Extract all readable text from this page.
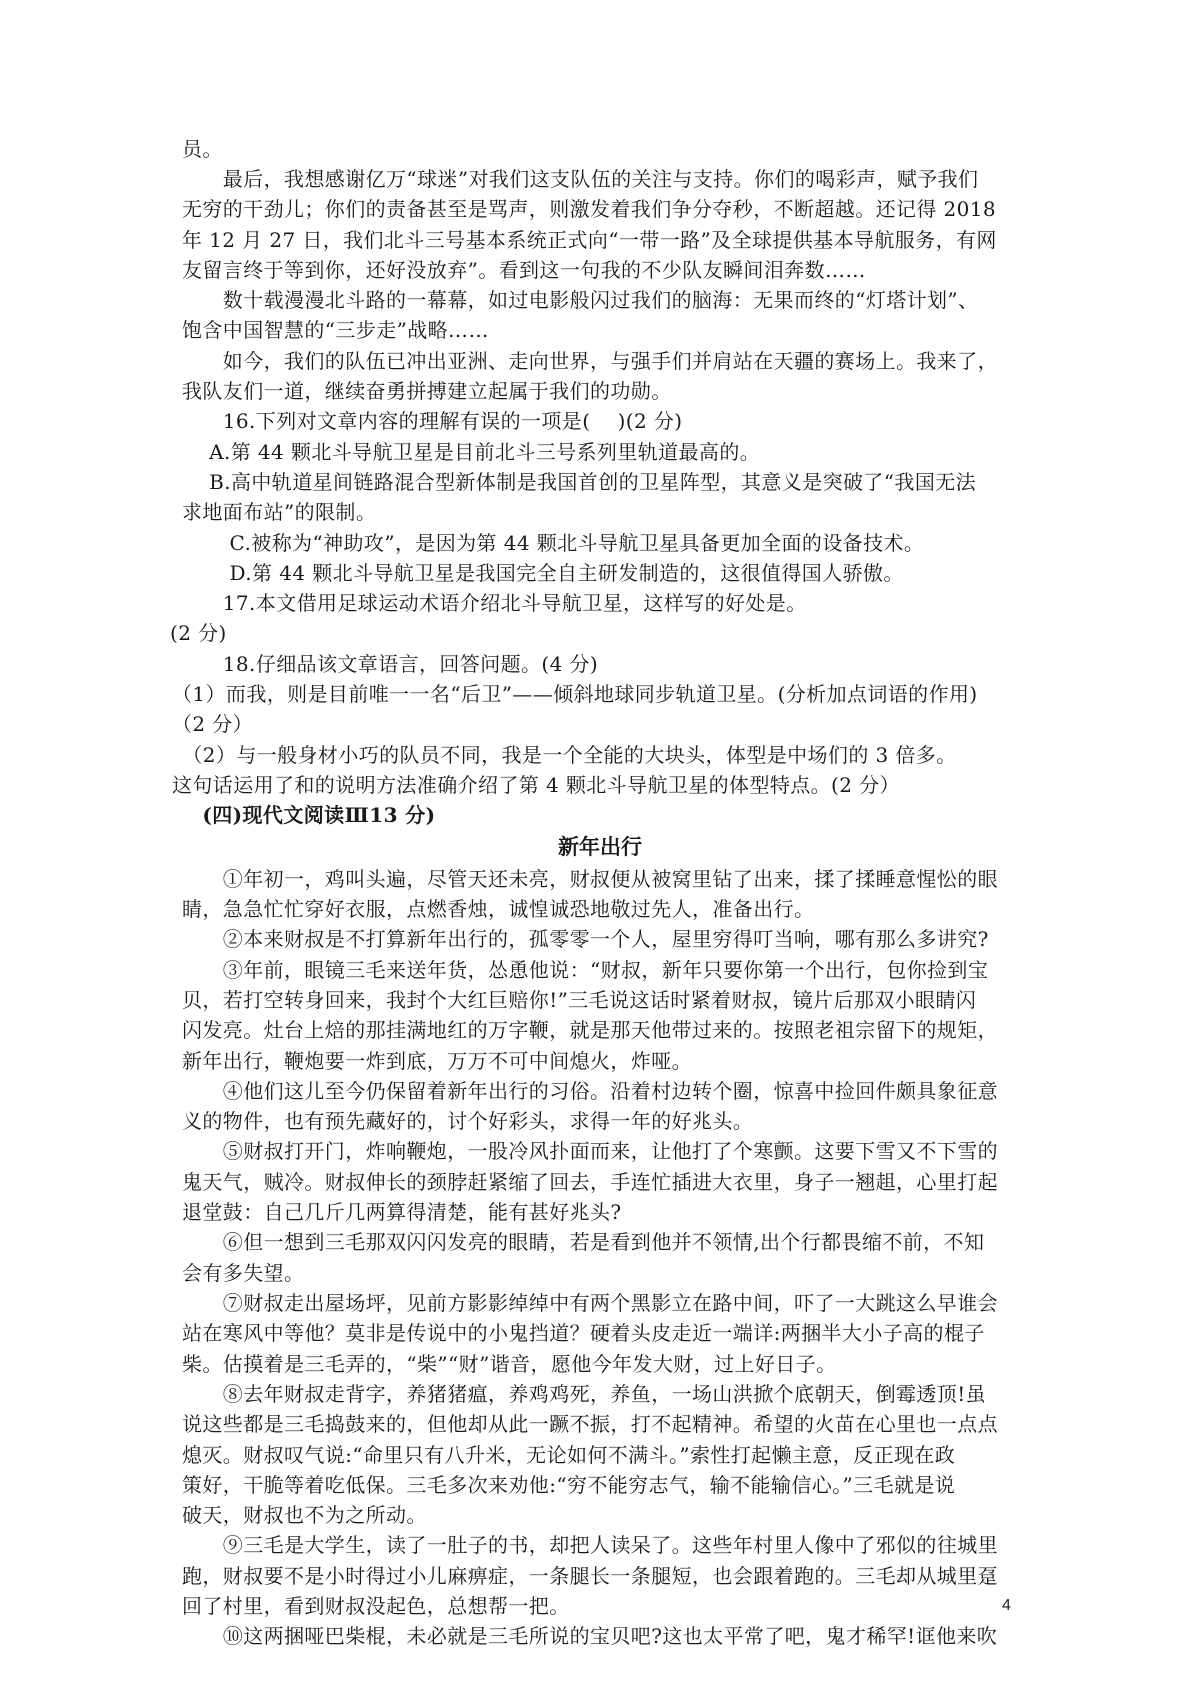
员。
　　最后，我想感谢亿万“球迷”对我们这支队伍的关注与支持。你们的喝彩声，赋予我们
无穷的干劲儿；你们的责备甚至是骂声，则激发着我们争分夺秒，不断超越。还记得 2018
年 12 月 27 日，我们北斗三号基本系统正式向“一带一路”及全球提供基本导航服务，有网
友留言终于等到你，还好没放弃”。看到这一句我的不少队友瞬间泪奔数……
　　数十载漫漫北斗路的一幕幕，如过电影般闪过我们的脑海：无果而终的“灯塔计划”、
饱含中国智慧的“三步走”战略……
　　如今，我们的队伍已冲出亚洲、走向世界，与强手们并肩站在天疆的赛场上。我来了，
我队友们一道，继续奋勇拼搏建立起属于我们的功勋。
　　16.下列对文章内容的理解有误的一项是(　 )(2 分)
　 A.第 44 颗北斗导航卫星是目前北斗三号系列里轨道最高的。
　 B.高中轨道星间链路混合型新体制是我国首创的卫星阵型，其意义是突破了“我国无法
求地面布站”的限制。
　　 C.被称为“神助攻”，是因为第 44 颗北斗导航卫星具备更加全面的设备技术。
　　 D.第 44 颗北斗导航卫星是我国完全自主研发制造的，这很值得国人骄傲。
　　17.本文借用足球运动术语介绍北斗导航卫星，这样写的好处是。
(2 分)
　　18.仔细品该文章语言，回答问题。(4 分)
（1）而我，则是目前唯一一名“后卫”——倾斜地球同步轨道卫星。(分析加点词语的作用)
（2 分）
　（2）与一般身材小巧的队员不同，我是一个全能的大块头，体型是中场们的 3 倍多。
这句话运用了和的说明方法准确介绍了第 4 颗北斗导航卫星的体型特点。(2 分）
　(四)现代文阅读Ⅲ13 分)
新年出行
　　①年初一，鸡叫头遍，尽管天还未亮，财叔便从被窝里钻了出来，揉了揉睡意惺忪的眼
睛，急急忙忙穿好衣服，点燃香烛，诚惶诚恐地敬过先人，准备出行。
　　②本来财叔是不打算新年出行的，孤零零一个人，屋里穷得叮当响，哪有那么多讲究?
　　③年前，眼镜三毛来送年货，怂恿他说：“财叔，新年只要你第一个出行，包你捡到宝
贝，若打空转身回来，我封个大红巨赔你!”三毛说这话时紧着财叔，镜片后那双小眼睛闪
闪发亮。灶台上焙的那挂满地红的万字鞭，就是那天他带过来的。按照老祖宗留下的规矩，
新年出行，鞭炮要一炸到底，万万不可中间熄火，炸哑。
　　④他们这儿至今仍保留着新年出行的习俗。沿着村边转个圈，惊喜中捡回件颇具象征意
义的物件，也有预先藏好的，讨个好彩头，求得一年的好兆头。
　　⑤财叔打开门，炸响鞭炮，一股冷风扑面而来，让他打了个寒颤。这要下雪又不下雪的
鬼天气，贼冷。财叔伸长的颈脖赶紧缩了回去，手连忙插进大衣里，身子一翘趄，心里打起
退堂鼓：自己几斤几两算得清楚，能有甚好兆头?
　　⑥但一想到三毛那双闪闪发亮的眼睛，若是看到他并不领情,出个行都畏缩不前，不知
会有多失望。
　　⑦财叔走出屋场坪，见前方影影绰绰中有两个黑影立在路中间，吓了一大跳这么早谁会
站在寒风中等他？莫非是传说中的小鬼挡道？硬着头皮走近一端详:两捆半大小子高的棍子
柴。估摸着是三毛弄的，“柴”“财”谐音，愿他今年发大财，过上好日子。
　　⑧去年财叔走背字，养猪猪瘟，养鸡鸡死，养鱼，一场山洪掀个底朝天，倒霉透顶!虽
说这些都是三毛捣鼓来的，但他却从此一蹶不振，打不起精神。希望的火苗在心里也一点点
熄灭。财叔叹气说:“命里只有八升米，无论如何不满斗。”索性打起懒主意，反正现在政
策好，干脆等着吃低保。三毛多次来劝他:“穷不能穷志气，输不能输信心。”三毛就是说
破天，财叔也不为之所动。
　　⑨三毛是大学生，读了一肚子的书，却把人读呆了。这些年村里人像中了邪似的往城里
跑，财叔要不是小时得过小儿麻痹症，一条腿长一条腿短，也会跟着跑的。三毛却从城里趸
回了村里，看到财叔没起色，总想帮一把。
　　⑩这两捆哑巴柴棍，未必就是三毛所说的宝贝吧?这也太平常了吧，鬼才稀罕!诓他来吹
4
